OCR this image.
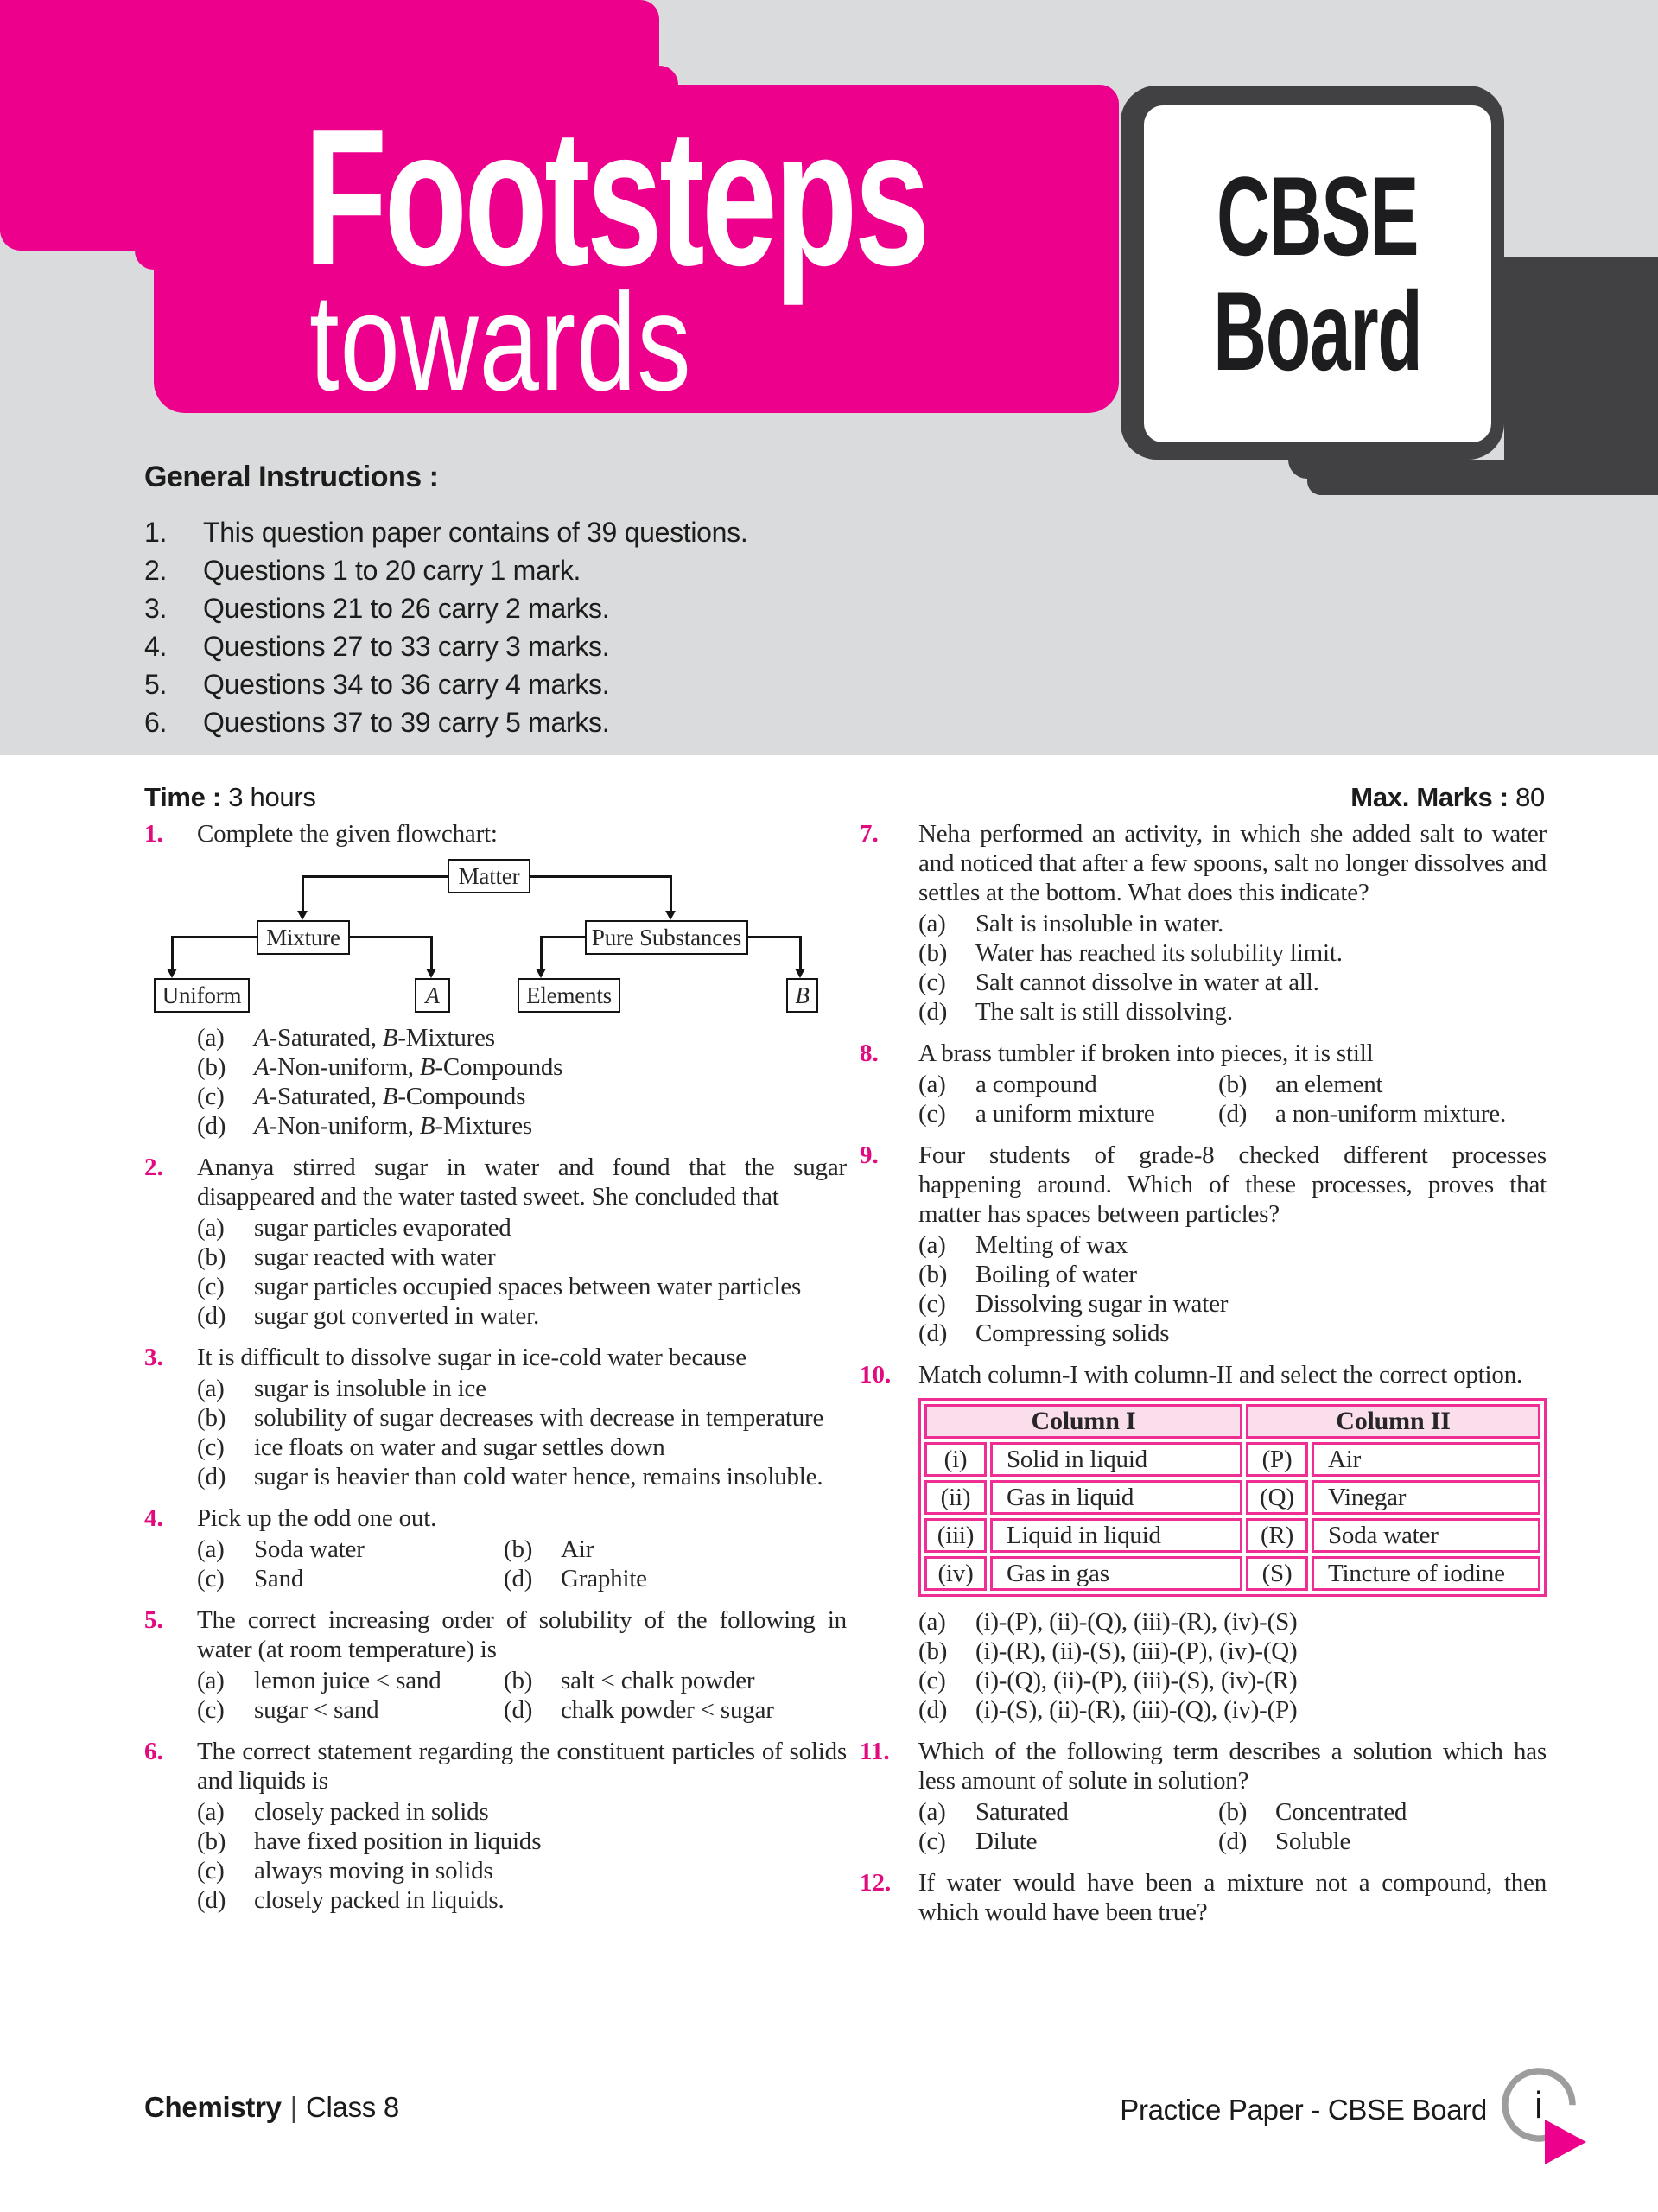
Footsteps
towards
CBSE
Board
General Instructions :
1.	This question paper contains of 39 questions.
2.	Questions 1 to 20 carry 1 mark.
3.	Questions 21 to 26 carry 2 marks.
4.	Questions 27 to 33 carry 3 marks.
5.	Questions 34 to 36 carry 4 marks.
6.	Questions 37 to 39 carry 5 marks.
Time : 3 hours	Max. Marks : 80
1.	Complete the given flowchart:
Matter
Mixture	Pure Substances
Uniform	A	Elements	B
(a)	A-Saturated, B-Mixtures
(b)	A-Non-uniform, B-Compounds
(c)	A-Saturated, B-Compounds
(d)	A-Non-uniform, B-Mixtures
2.	Ananya stirred sugar in water and found that the sugar disappeared and the water tasted sweet. She concluded that
(a)	sugar particles evaporated
(b)	sugar reacted with water
(c)	sugar particles occupied spaces between water particles
(d)	sugar got converted in water.
3.	It is difficult to dissolve sugar in ice-cold water because
(a)	sugar is insoluble in ice
(b)	solubility of sugar decreases with decrease in temperature
(c)	ice floats on water and sugar settles down
(d)	sugar is heavier than cold water hence, remains insoluble.
4.	Pick up the odd one out.
(a)	Soda water	(b)	Air
(c)	Sand	(d)	Graphite
5.	The correct increasing order of solubility of the following in water (at room temperature) is
(a)	lemon juice < sand (b)	salt < chalk powder
(c)	sugar < sand	(d)	chalk powder < sugar
6.	The correct statement regarding the constituent particles of solids and liquids is
(a)	closely packed in solids
(b)	have fixed position in liquids
(c)	always moving in solids
(d)	closely packed in liquids.
7.	Neha performed an activity, in which she added salt to water and noticed that after a few spoons, salt no longer dissolves and settles at the bottom. What does this indicate?
(a)	Salt is insoluble in water.
(b)	Water has reached its solubility limit.
(c)	Salt cannot dissolve in water at all.
(d)	The salt is still dissolving.
8.	A brass tumbler if broken into pieces, it is still
(a)	a compound	(b)	an element
(c)	a uniform mixture	(d)	a non-uniform mixture.
9.	Four students of grade-8 checked different processes happening around. Which of these processes, proves that matter has spaces between particles?
(a)	Melting of wax
(b)	Boiling of water
(c)	Dissolving sugar in water
(d)	Compressing solids
10.	Match column-I with column-II and select the correct option.
Column I	Column II
(i)	Solid in liquid	(P)	Air
(ii)	Gas in liquid	(Q)	Vinegar
(iii)	Liquid in liquid	(R)	Soda water
(iv)	Gas in gas	(S)	Tincture of iodine
(a)	(i)-(P), (ii)-(Q), (iii)-(R), (iv)-(S)
(b)	(i)-(R), (ii)-(S), (iii)-(P), (iv)-(Q)
(c)	(i)-(Q), (ii)-(P), (iii)-(S), (iv)-(R)
(d)	(i)-(S), (ii)-(R), (iii)-(Q), (iv)-(P)
11.	Which of the following term describes a solution which has less amount of solute in solution?
(a)	Saturated	(b)	Concentrated
(c)	Dilute	(d)	Soluble
12.	If water would have been a mixture not a compound, then which would have been true?
Chemistry | Class 8	Practice Paper - CBSE Board i
